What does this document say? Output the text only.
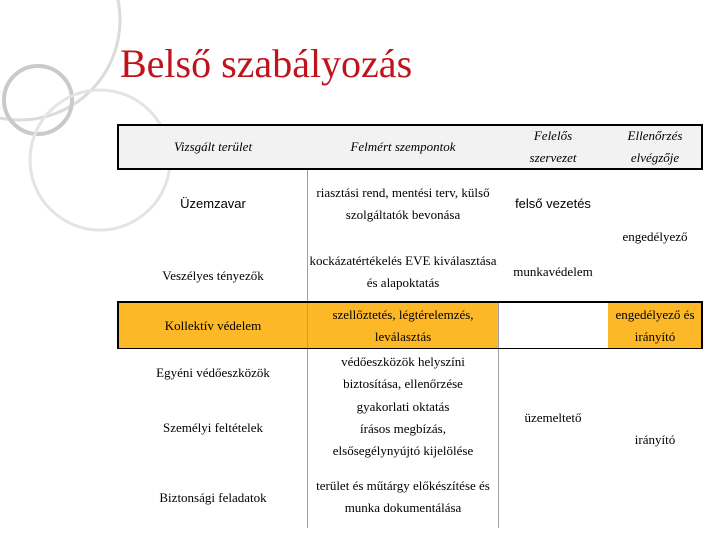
Belső szabályozás
Vizsgált terület	Felmért szempontok
Felelős szervezet
Ellenőrzés elvégzője
Üzemzavar
riasztási rend, mentési terv, külső szolgáltatók bevonása
felső vezetés
engedélyező
Veszélyes tényezők
kockázatértékelés EVE kiválasztása és alapoktatás
munkavédelem
Kollektív védelem
szellőztetés, légtérelemzés, leválasztás
engedélyező és irányító
Egyéni védőeszközök
védőeszközök helyszíni biztosítása, ellenőrzése
Személyi feltételek
gyakorlati oktatás
írásos megbízás, elsősegélynyújtó kijelölése
üzemeltető
irányító
Biztonsági feladatok
terület és műtárgy előkészítése és munka dokumentálása
